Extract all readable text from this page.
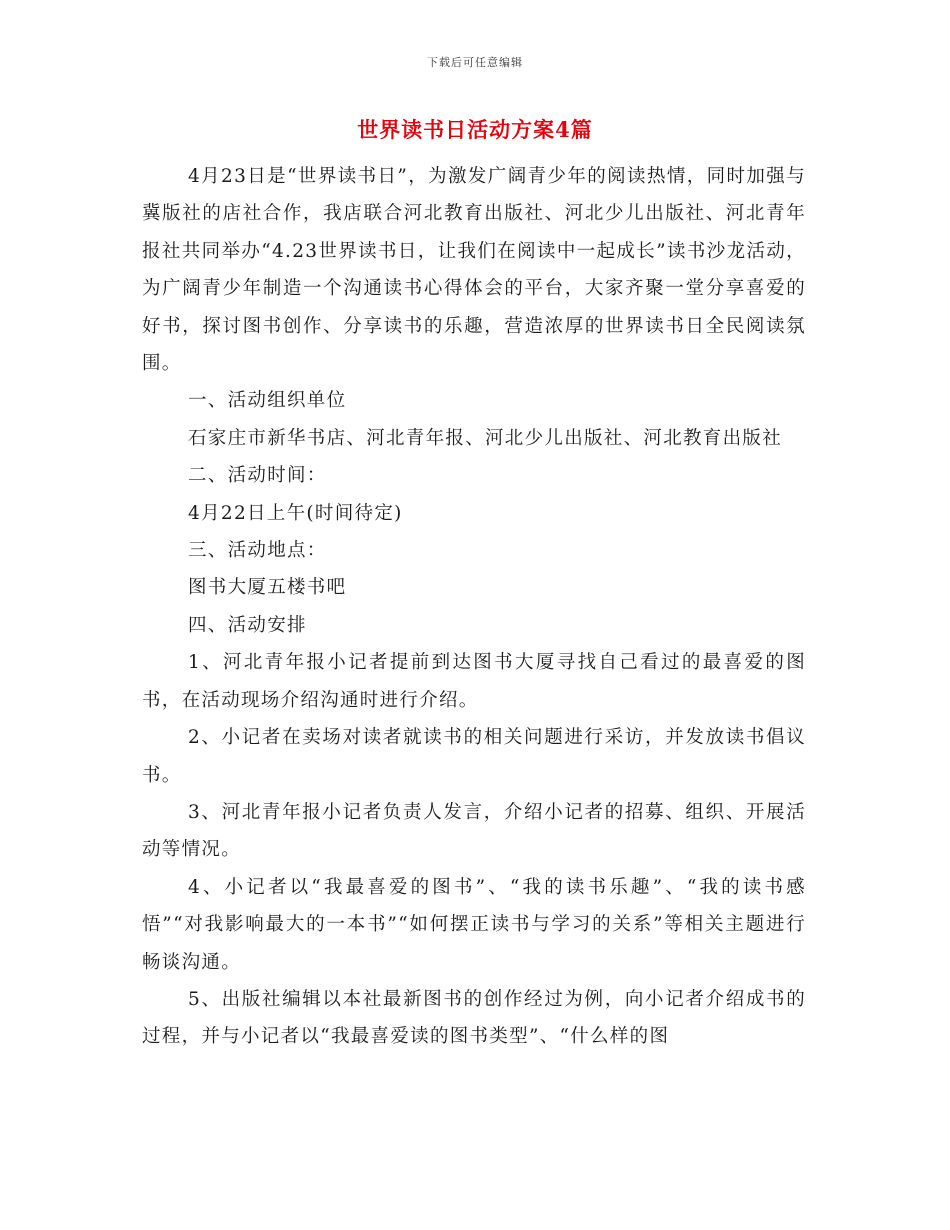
下载后可任意编辑
世界读书日活动方案4篇

4月23日是“世界读书日”，为激发广阔青少年的阅读热情，同时加强与冀版社的店社合作，我店联合河北教育出版社、河北少儿出版社、河北青年报社共同举办“4.23世界读书日，让我们在阅读中一起成长”读书沙龙活动，为广阔青少年制造一个沟通读书心得体会的平台，大家齐聚一堂分享喜爱的好书，探讨图书创作、分享读书的乐趣，营造浓厚的世界读书日全民阅读氛围。

一、活动组织单位

石家庄市新华书店、河北青年报、河北少儿出版社、河北教育出版社

二、活动时间：

4月22日上午(时间待定)

三、活动地点：

图书大厦五楼书吧

四、活动安排

1、河北青年报小记者提前到达图书大厦寻找自己看过的最喜爱的图书，在活动现场介绍沟通时进行介绍。

2、小记者在卖场对读者就读书的相关问题进行采访，并发放读书倡议书。

3、河北青年报小记者负责人发言，介绍小记者的招募、组织、开展活动等情况。

4、小记者以“我最喜爱的图书”、“我的读书乐趣”、“我的读书感悟”“对我影响最大的一本书”“如何摆正读书与学习的关系”等相关主题进行畅谈沟通。

5、出版社编辑以本社最新图书的创作经过为例，向小记者介绍成书的过程，并与小记者以“我最喜爱读的图书类型”、“什么样的图
